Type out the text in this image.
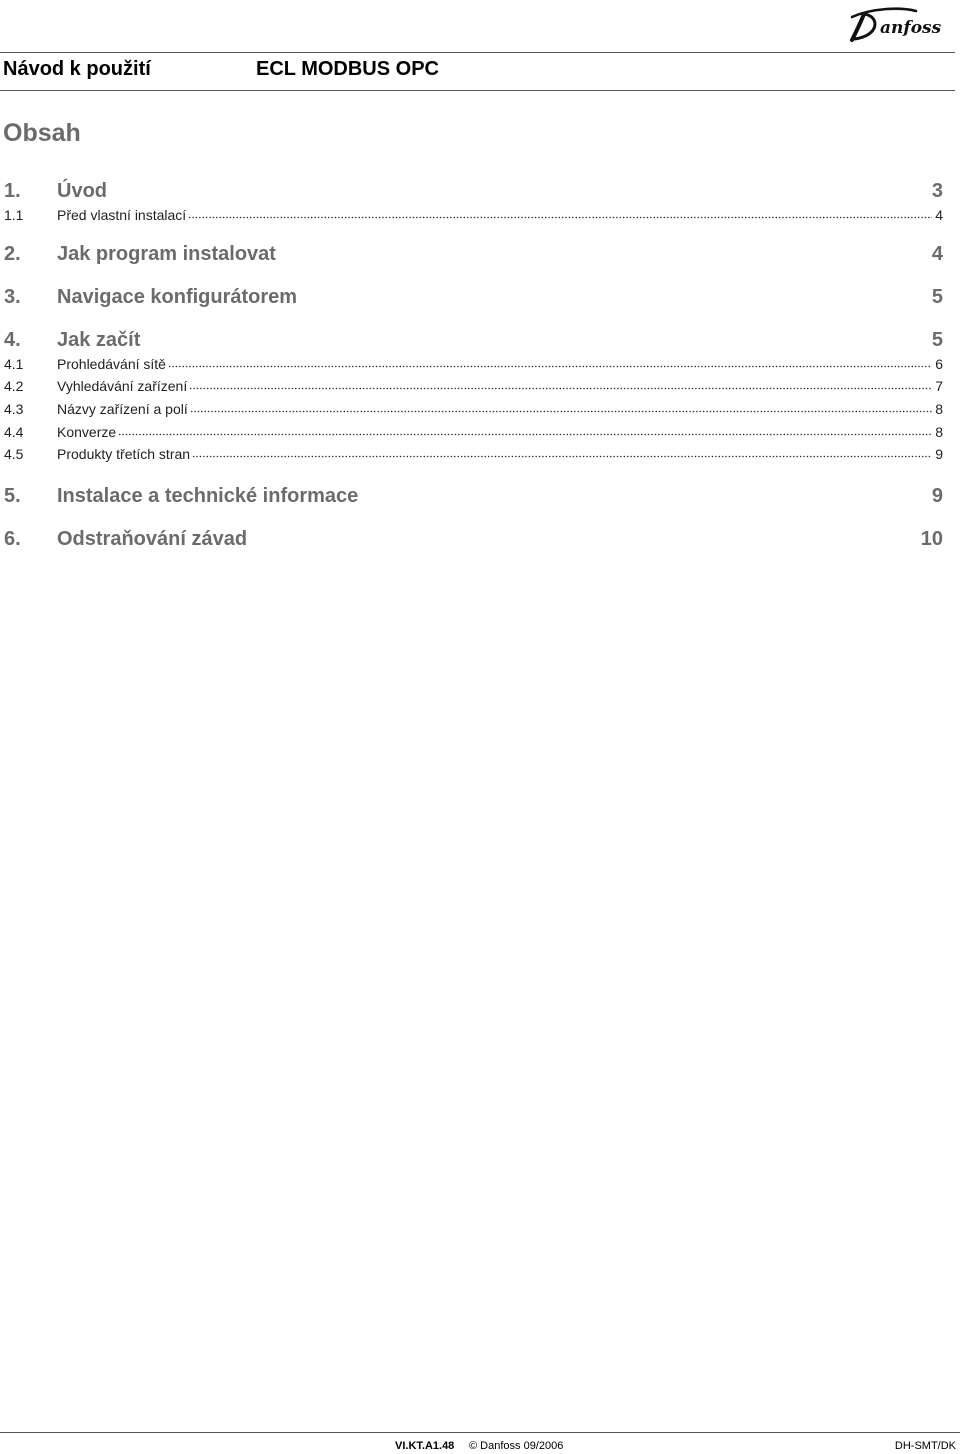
anfoss
Návod k použití	ECL MODBUS OPC
Obsah
1.	Úvod	3
1.1	Před vlastní instalací	4
2.	Jak program instalovat	4
3.	Navigace konfigurátorem	5
4.	Jak začít	5
4.1	Prohledávání sítě	6
4.2	Vyhledávání zařízení	7
4.3	Názvy zařízení a polí	8
4.4	Konverze	8
4.5	Produkty třetích stran	9
5.	Instalace a technické informace	9
6.	Odstraňování závad	10
VI.KT.A1.48 © Danfoss 09/2006	DH-SMT/DK
